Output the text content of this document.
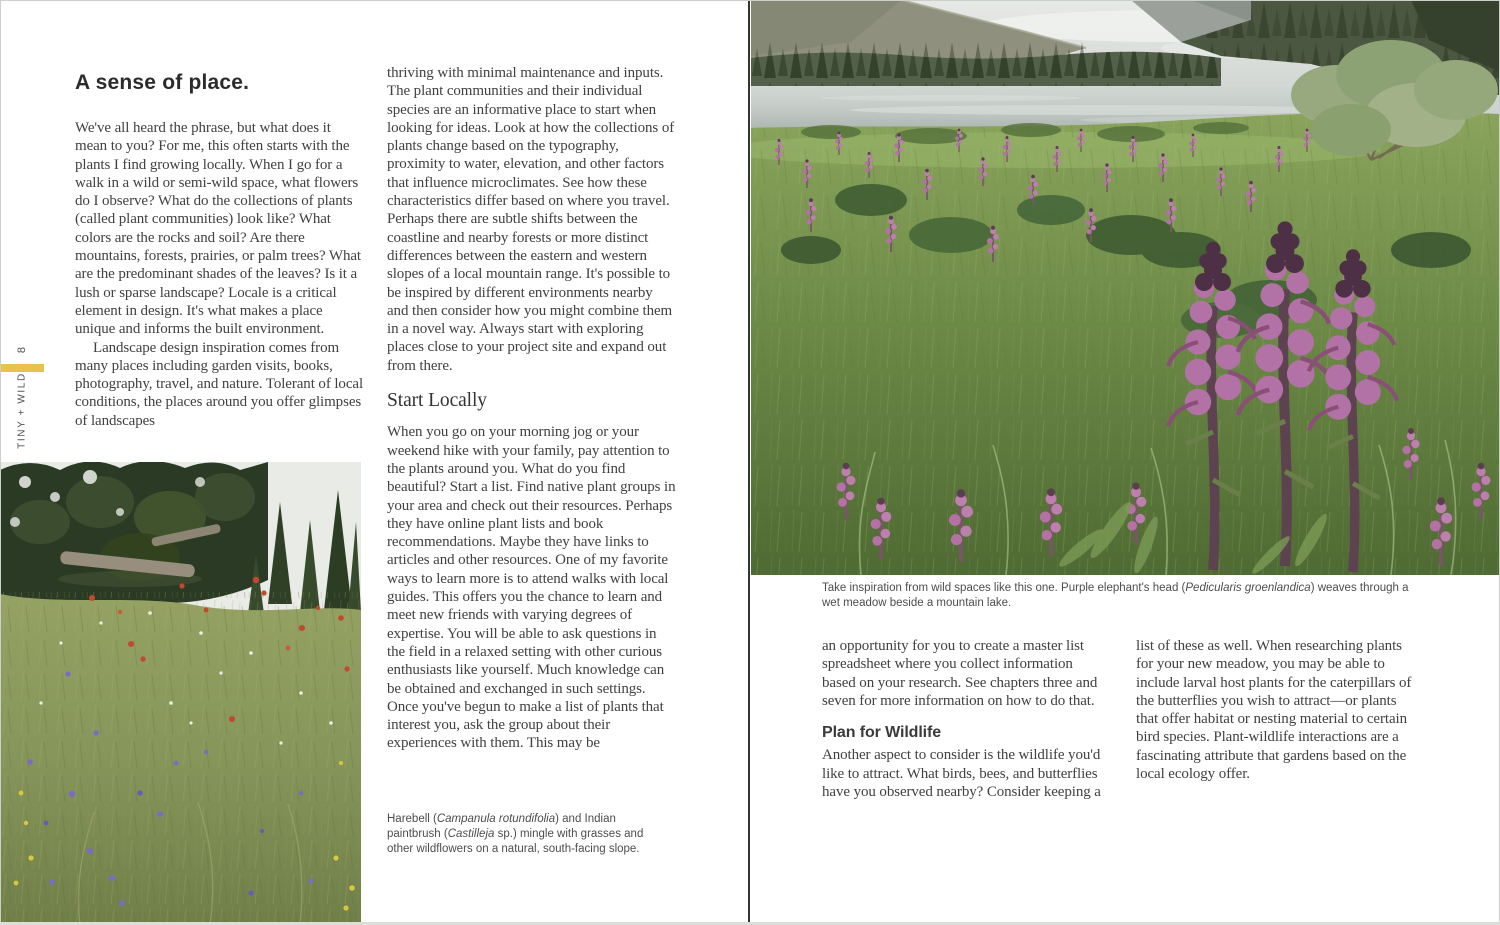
8
TINY + WILD
A sense of place.

We've all heard the phrase, but what does it mean to you? For me, this often starts with the plants I find growing locally. When I go for a walk in a wild or semi-wild space, what flowers do I observe? What do the collections of plants (called plant communities) look like? What colors are the rocks and soil? Are there mountains, forests, prairies, or palm trees? What are the predominant shades of the leaves? Is it a lush or sparse landscape? Locale is a critical element in design. It's what makes a place unique and informs the built environment.

Landscape design inspiration comes from many places including garden visits, books, photography, travel, and nature. Tolerant of local conditions, the places around you offer glimpses of landscapes

thriving with minimal maintenance and inputs. The plant communities and their individual species are an informative place to start when looking for ideas. Look at how the collections of plants change based on the typography, proximity to water, elevation, and other factors that influence microclimates. See how these characteristics differ based on where you travel. Perhaps there are subtle shifts between the coastline and nearby forests or more distinct differences between the eastern and western slopes of a local mountain range. It's possible to be inspired by different environments nearby and then consider how you might combine them in a novel way. Always start with exploring places close to your project site and expand out from there.

Start Locally

When you go on your morning jog or your weekend hike with your family, pay attention to the plants around you. What do you find beautiful? Start a list. Find native plant groups in your area and check out their resources. Perhaps they have online plant lists and book recommendations. Maybe they have links to articles and other resources. One of my favorite ways to learn more is to attend walks with local guides. This offers you the chance to learn and meet new friends with varying degrees of expertise. You will be able to ask questions in the field in a relaxed setting with other curious enthusiasts like yourself. Much knowledge can be obtained and exchanged in such settings. Once you've begun to make a list of plants that interest you, ask the group about their experiences with them. This may be

Harebell (Campanula rotundifolia) and Indian paintbrush (Castilleja sp.) mingle with grasses and other wildflowers on a natural, south-facing slope.
Take inspiration from wild spaces like this one. Purple elephant's head (Pedicularis groenlandica) weaves through a wet meadow beside a mountain lake.

an opportunity for you to create a master list spreadsheet where you collect information based on your research. See chapters three and seven for more information on how to do that.

Plan for Wildlife

Another aspect to consider is the wildlife you'd like to attract. What birds, bees, and butterflies have you observed nearby? Consider keeping a

list of these as well. When researching plants for your new meadow, you may be able to include larval host plants for the caterpillars of the butterflies you wish to attract—or plants that offer habitat or nesting material to certain bird species. Plant-wildlife interactions are a fascinating attribute that gardens based on the local ecology offer.
